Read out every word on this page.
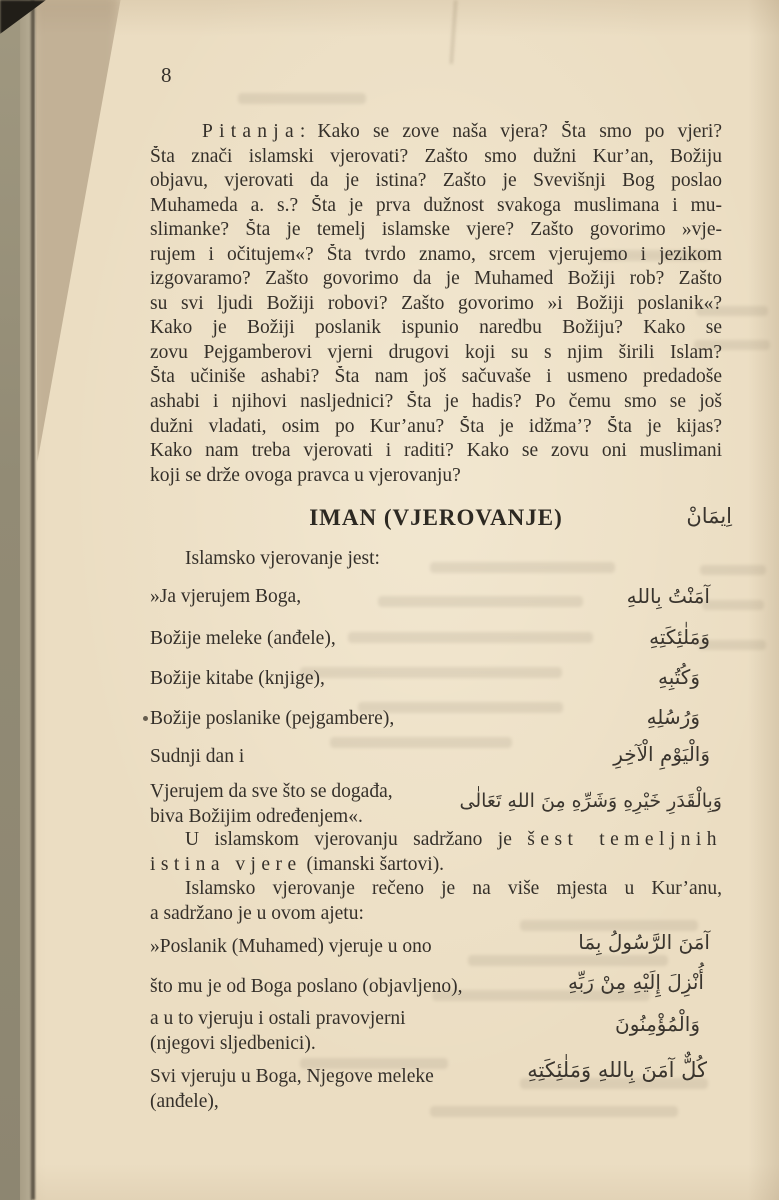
8
Pitanja: Kako se zove naša vjera? Šta smo po vjeri?
Šta znači islamski vjerovati? Zašto smo dužni Kur’an, Božiju
objavu, vjerovati da je istina? Zašto je Svevišnji Bog poslao
Muhameda a. s.? Šta je prva dužnost svakoga muslimana i mu-
slimanke? Šta je temelj islamske vjere? Zašto govorimo »vje-
rujem i očitujem«? Šta tvrdo znamo, srcem vjerujemo i jezikom
izgovaramo? Zašto govorimo da je Muhamed Božiji rob? Zašto
su svi ljudi Božiji robovi? Zašto govorimo »i Božiji poslanik«?
Kako je Božiji poslanik ispunio naredbu Božiju? Kako se
zovu Pejgamberovi vjerni drugovi koji su s njim širili Islam?
Šta učiniše ashabi? Šta nam još sačuvaše i usmeno predadoše
ashabi i njihovi nasljednici? Šta je hadis? Po čemu smo se još
dužni vladati, osim po Kur’anu? Šta je idžma’? Šta je kijas?
Kako nam treba vjerovati i raditi? Kako se zovu oni muslimani
koji se drže ovoga pravca u vjerovanju?
IMAN (VJEROVANJE)	اِيمَانْ
Islamsko vjerovanje jest:
»Ja vjerujem Boga,	آمَنْتُ بِاللهِ
Božije meleke (anđele),	وَمَلٰئِكَتِهِ
Božije kitabe (knjige),	وَكُتُبِهِ
Božije poslanike (pejgambere),	وَرُسُلِهِ
Sudnji dan i	وَالْيَوْمِ الْآخِرِ
Vjerujem da sve što se događa,
biva Božijim određenjem«.
وَبِالْقَدَرِ خَيْرِهِ وَشَرِّهِ مِنَ اللهِ تَعَالٰى
U islamskom vjerovanju sadržano je šest temeljnih
istina vjere (imanski šartovi).
Islamsko vjerovanje rečeno je na više mjesta u Kur’anu,
a sadržano je u ovom ajetu:
»Poslanik (Muhamed) vjeruje u ono	آمَنَ الرَّسُولُ بِمَا
što mu je od Boga poslano (objavljeno),	أُنْزِلَ إِلَيْهِ مِنْ رَبِّهِ
a u to vjeruju i ostali pravovjerni
(njegovi sljedbenici).
وَالْمُؤْمِنُونَ
Svi vjeruju u Boga, Njegove meleke
(anđele),
كُلٌّ آمَنَ بِاللهِ وَمَلٰئِكَتِهِ
